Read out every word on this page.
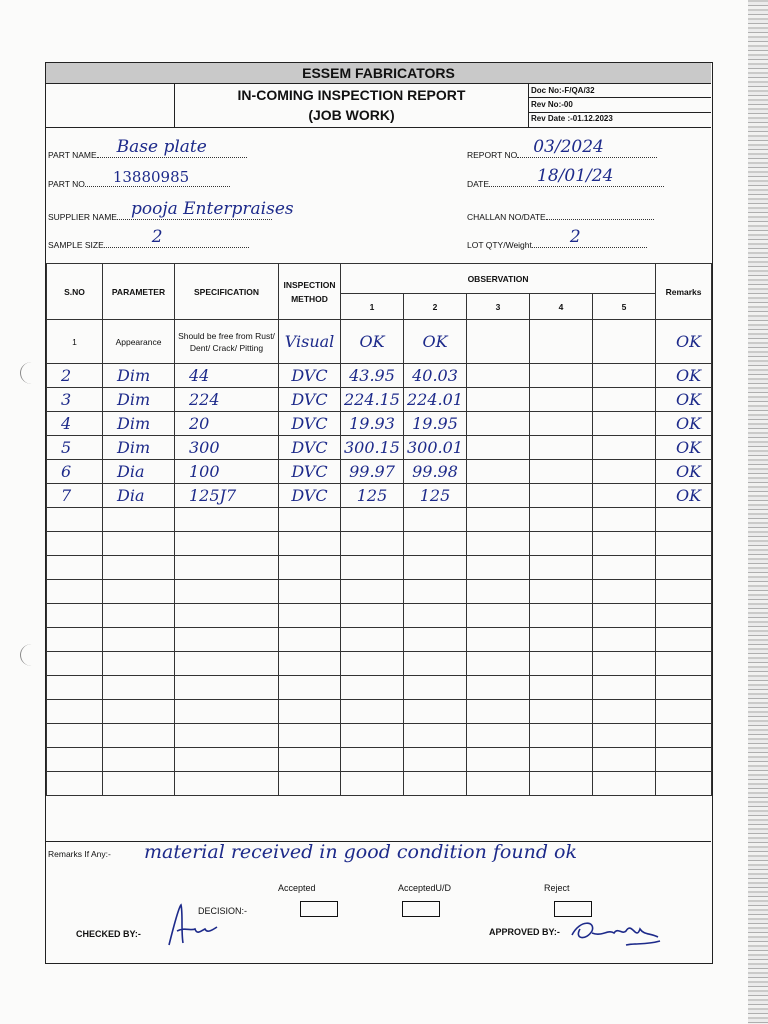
ESSEM FABRICATORS
IN-COMING INSPECTION REPORT
(JOB WORK)
Doc No:-F/QA/32
Rev No:-00
Rev Date :-01.12.2023
PART NAME Base plate
PART NO 13880985
SUPPLIER NAME pooja Enterpraises
SAMPLE SIZE	2
REPORT NO 03/2024
DATE	18/01/24
CHALLAN NO/DATE
LOT QTY/Weight 2
S.NO	PARAMETER	SPECIFICATION	INSPECTION METHOD	OBSERVATION					Remarks
				1	2	3	4	5	
1	Appearance	Should be free from Rust/ Dent/ Crack/ Pitting	Visual	OK	OK				OK
2	Dim	44	DVC	43.95	40.03				OK
3	Dim	224	DVC	224.15	224.01				OK
4	Dim	20	DVC	19.93	19.95				OK
5	Dim	300	DVC	300.15	300.01				OK
6	Dia	100	DVC	99.97	99.98				OK
7	Dia	125J7	DVC	125	125				OK

Remarks If Any:- material received in good condition found ok
Accepted	AcceptedU/D	Reject
DECISION:-
CHECKED BY:-	APPROVED BY:-
